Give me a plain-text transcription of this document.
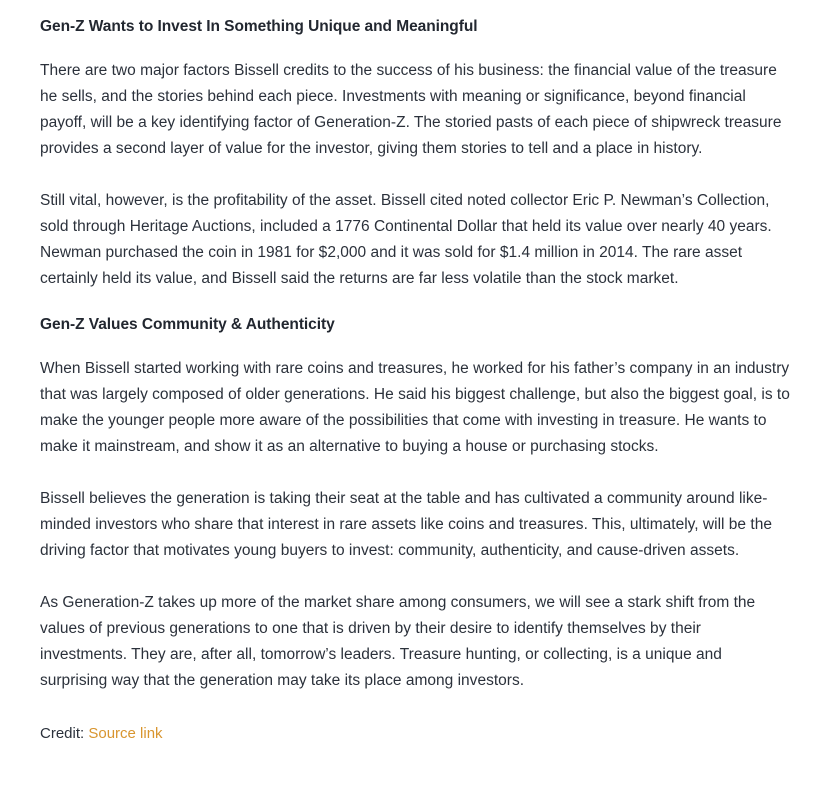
Gen-Z Wants to Invest In Something Unique and Meaningful

There are two major factors Bissell credits to the success of his business: the financial value of the treasure he sells, and the stories behind each piece. Investments with meaning or significance, beyond financial payoff, will be a key identifying factor of Generation-Z. The storied pasts of each piece of shipwreck treasure provides a second layer of value for the investor, giving them stories to tell and a place in history.

Still vital, however, is the profitability of the asset. Bissell cited noted collector Eric P. Newman’s Collection, sold through Heritage Auctions, included a 1776 Continental Dollar that held its value over nearly 40 years. Newman purchased the coin in 1981 for $2,000 and it was sold for $1.4 million in 2014. The rare asset certainly held its value, and Bissell said the returns are far less volatile than the stock market.

Gen-Z Values Community & Authenticity

When Bissell started working with rare coins and treasures, he worked for his father’s company in an industry that was largely composed of older generations. He said his biggest challenge, but also the biggest goal, is to make the younger people more aware of the possibilities that come with investing in treasure. He wants to make it mainstream, and show it as an alternative to buying a house or purchasing stocks.

Bissell believes the generation is taking their seat at the table and has cultivated a community around like-minded investors who share that interest in rare assets like coins and treasures. This, ultimately, will be the driving factor that motivates young buyers to invest: community, authenticity, and cause-driven assets.

As Generation-Z takes up more of the market share among consumers, we will see a stark shift from the values of previous generations to one that is driven by their desire to identify themselves by their investments. They are, after all, tomorrow’s leaders. Treasure hunting, or collecting, is a unique and surprising way that the generation may take its place among investors.

Credit: Source link
